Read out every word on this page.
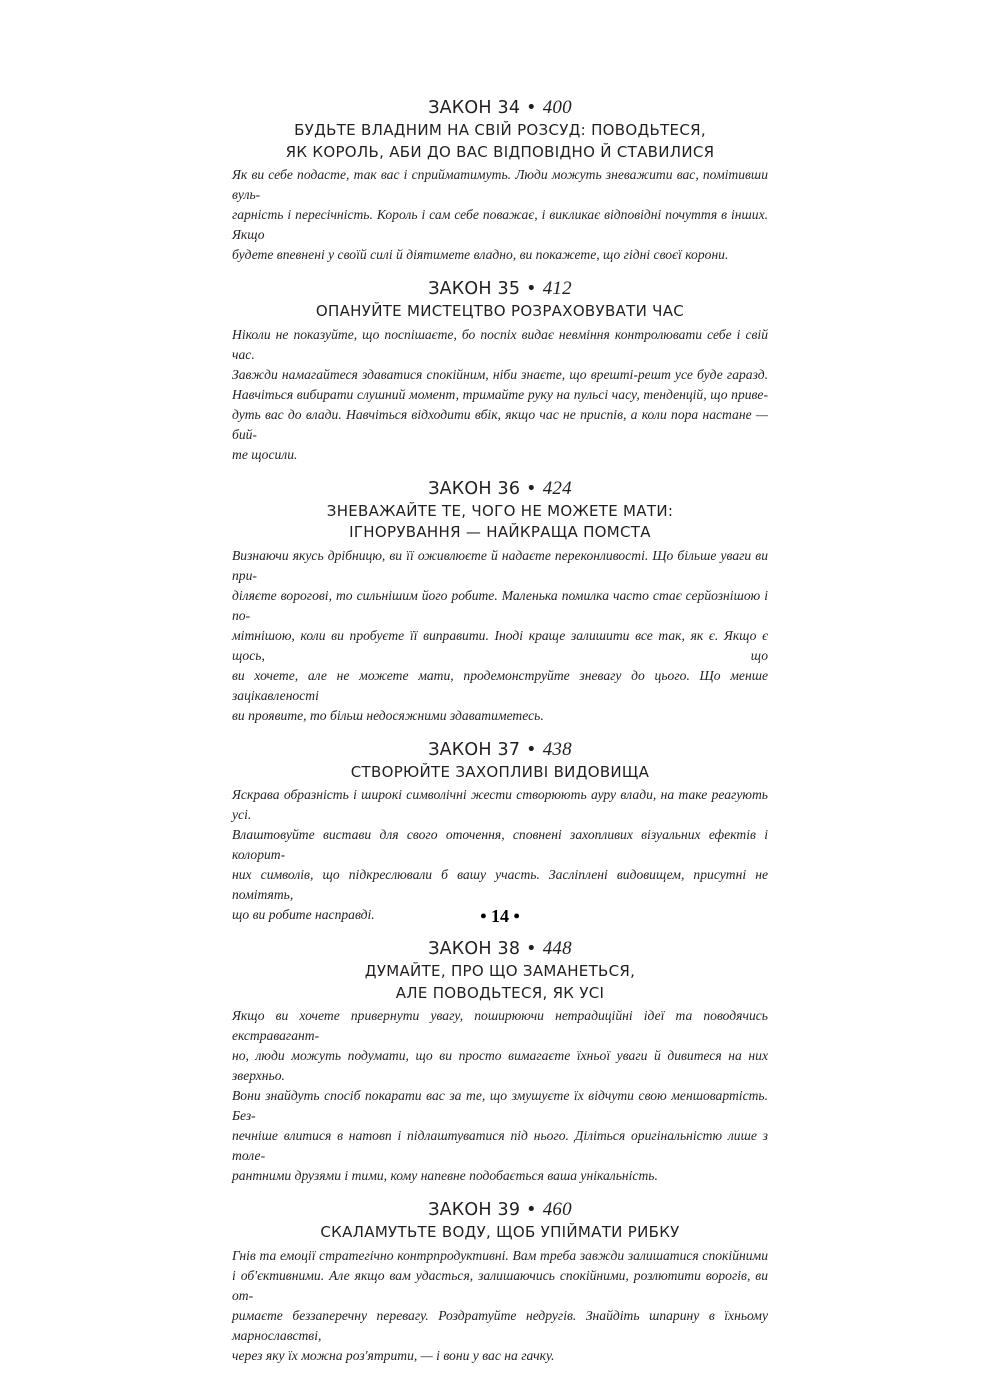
ЗАКОН 34 • 400
БУДЬТЕ ВЛАДНИМ НА СВІЙ РОЗСУД: ПОВОДЬТЕСЯ,
ЯК КОРОЛЬ, АБИ ДО ВАС ВІДПОВІДНО Й СТАВИЛИСЯ
Як ви себе подасте, так вас і сприйматимуть. Люди можуть зневажити вас, помітивши вуль-
гарність і пересічність. Король і сам себе поважає, і викликає відповідні почуття в інших. Якщо
будете впевнені у своїй силі й діятимете владно, ви покажете, що гідні своєї корони.
ЗАКОН 35 • 412
ОПАНУЙТЕ МИСТЕЦТВО РОЗРАХОВУВАТИ ЧАС
Ніколи не показуйте, що поспішаєте, бо поспіх видає невміння контролювати себе і свій час.
Завжди намагайтеся здаватися спокійним, ніби знаєте, що врешті-решт усе буде гаразд.
Навчіться вибирати слушний момент, тримайте руку на пульсі часу, тенденцій, що приве-
дуть вас до влади. Навчіться відходити вбік, якщо час не приспів, а коли пора настане — бий-
те щосили.
ЗАКОН 36 • 424
ЗНЕВАЖАЙТЕ ТЕ, ЧОГО НЕ МОЖЕТЕ МАТИ:
ІГНОРУВАННЯ — НАЙКРАЩА ПОМСТА
Визнаючи якусь дрібницю, ви її оживлюєте й надаєте переконливості. Що більше уваги ви при-
діляєте ворогові, то сильнішим його робите. Маленька помилка часто стає серйознішою і по-
мітнішою, коли ви пробуєте її виправити. Іноді краще залишити все так, як є. Якщо є щось, що
ви хочете, але не можете мати, продемонструйте зневагу до цього. Що менше зацікавленості
ви проявите, то більш недосяжними здаватиметесь.
ЗАКОН 37 • 438
СТВОРЮЙТЕ ЗАХОПЛИВІ ВИДОВИЩА
Яскрава образність і широкі символічні жести створюють ауру влади, на таке реагують усі.
Влаштовуйте вистави для свого оточення, сповнені захопливих візуальних ефектів і колорит-
них символів, що підкреслювали б вашу участь. Засліплені видовищем, присутні не помітять,
що ви робите насправді.
ЗАКОН 38 • 448
ДУМАЙТЕ, ПРО ЩО ЗАМАНЕТЬСЯ,
АЛЕ ПОВОДЬТЕСЯ, ЯК УСІ
Якщо ви хочете привернути увагу, поширюючи нетрадиційні ідеї та поводячись екстравагант-
но, люди можуть подумати, що ви просто вимагаєте їхньої уваги й дивитеся на них зверхньо.
Вони знайдуть спосіб покарати вас за те, що змушуєте їх відчути свою меншовартість. Без-
печніше влитися в натовп і підлаштуватися під нього. Діліться оригінальністю лише з толе-
рантними друзями і тими, кому напевне подобається ваша унікальність.
ЗАКОН 39 • 460
СКАЛАМУТЬТЕ ВОДУ, ЩОБ УПІЙМАТИ РИБКУ
Гнів та емоції стратегічно контрпродуктивні. Вам треба завжди залишатися спокійними
і об'єктивними. Але якщо вам удасться, залишаючись спокійними, розлютити ворогів, ви от-
римаєте беззаперечну перевагу. Роздратуйте недругів. Знайдіть шпарину в їхньому марнославстві,
через яку їх можна роз'ятрити, — і вони у вас на гачку.
• 14 •
